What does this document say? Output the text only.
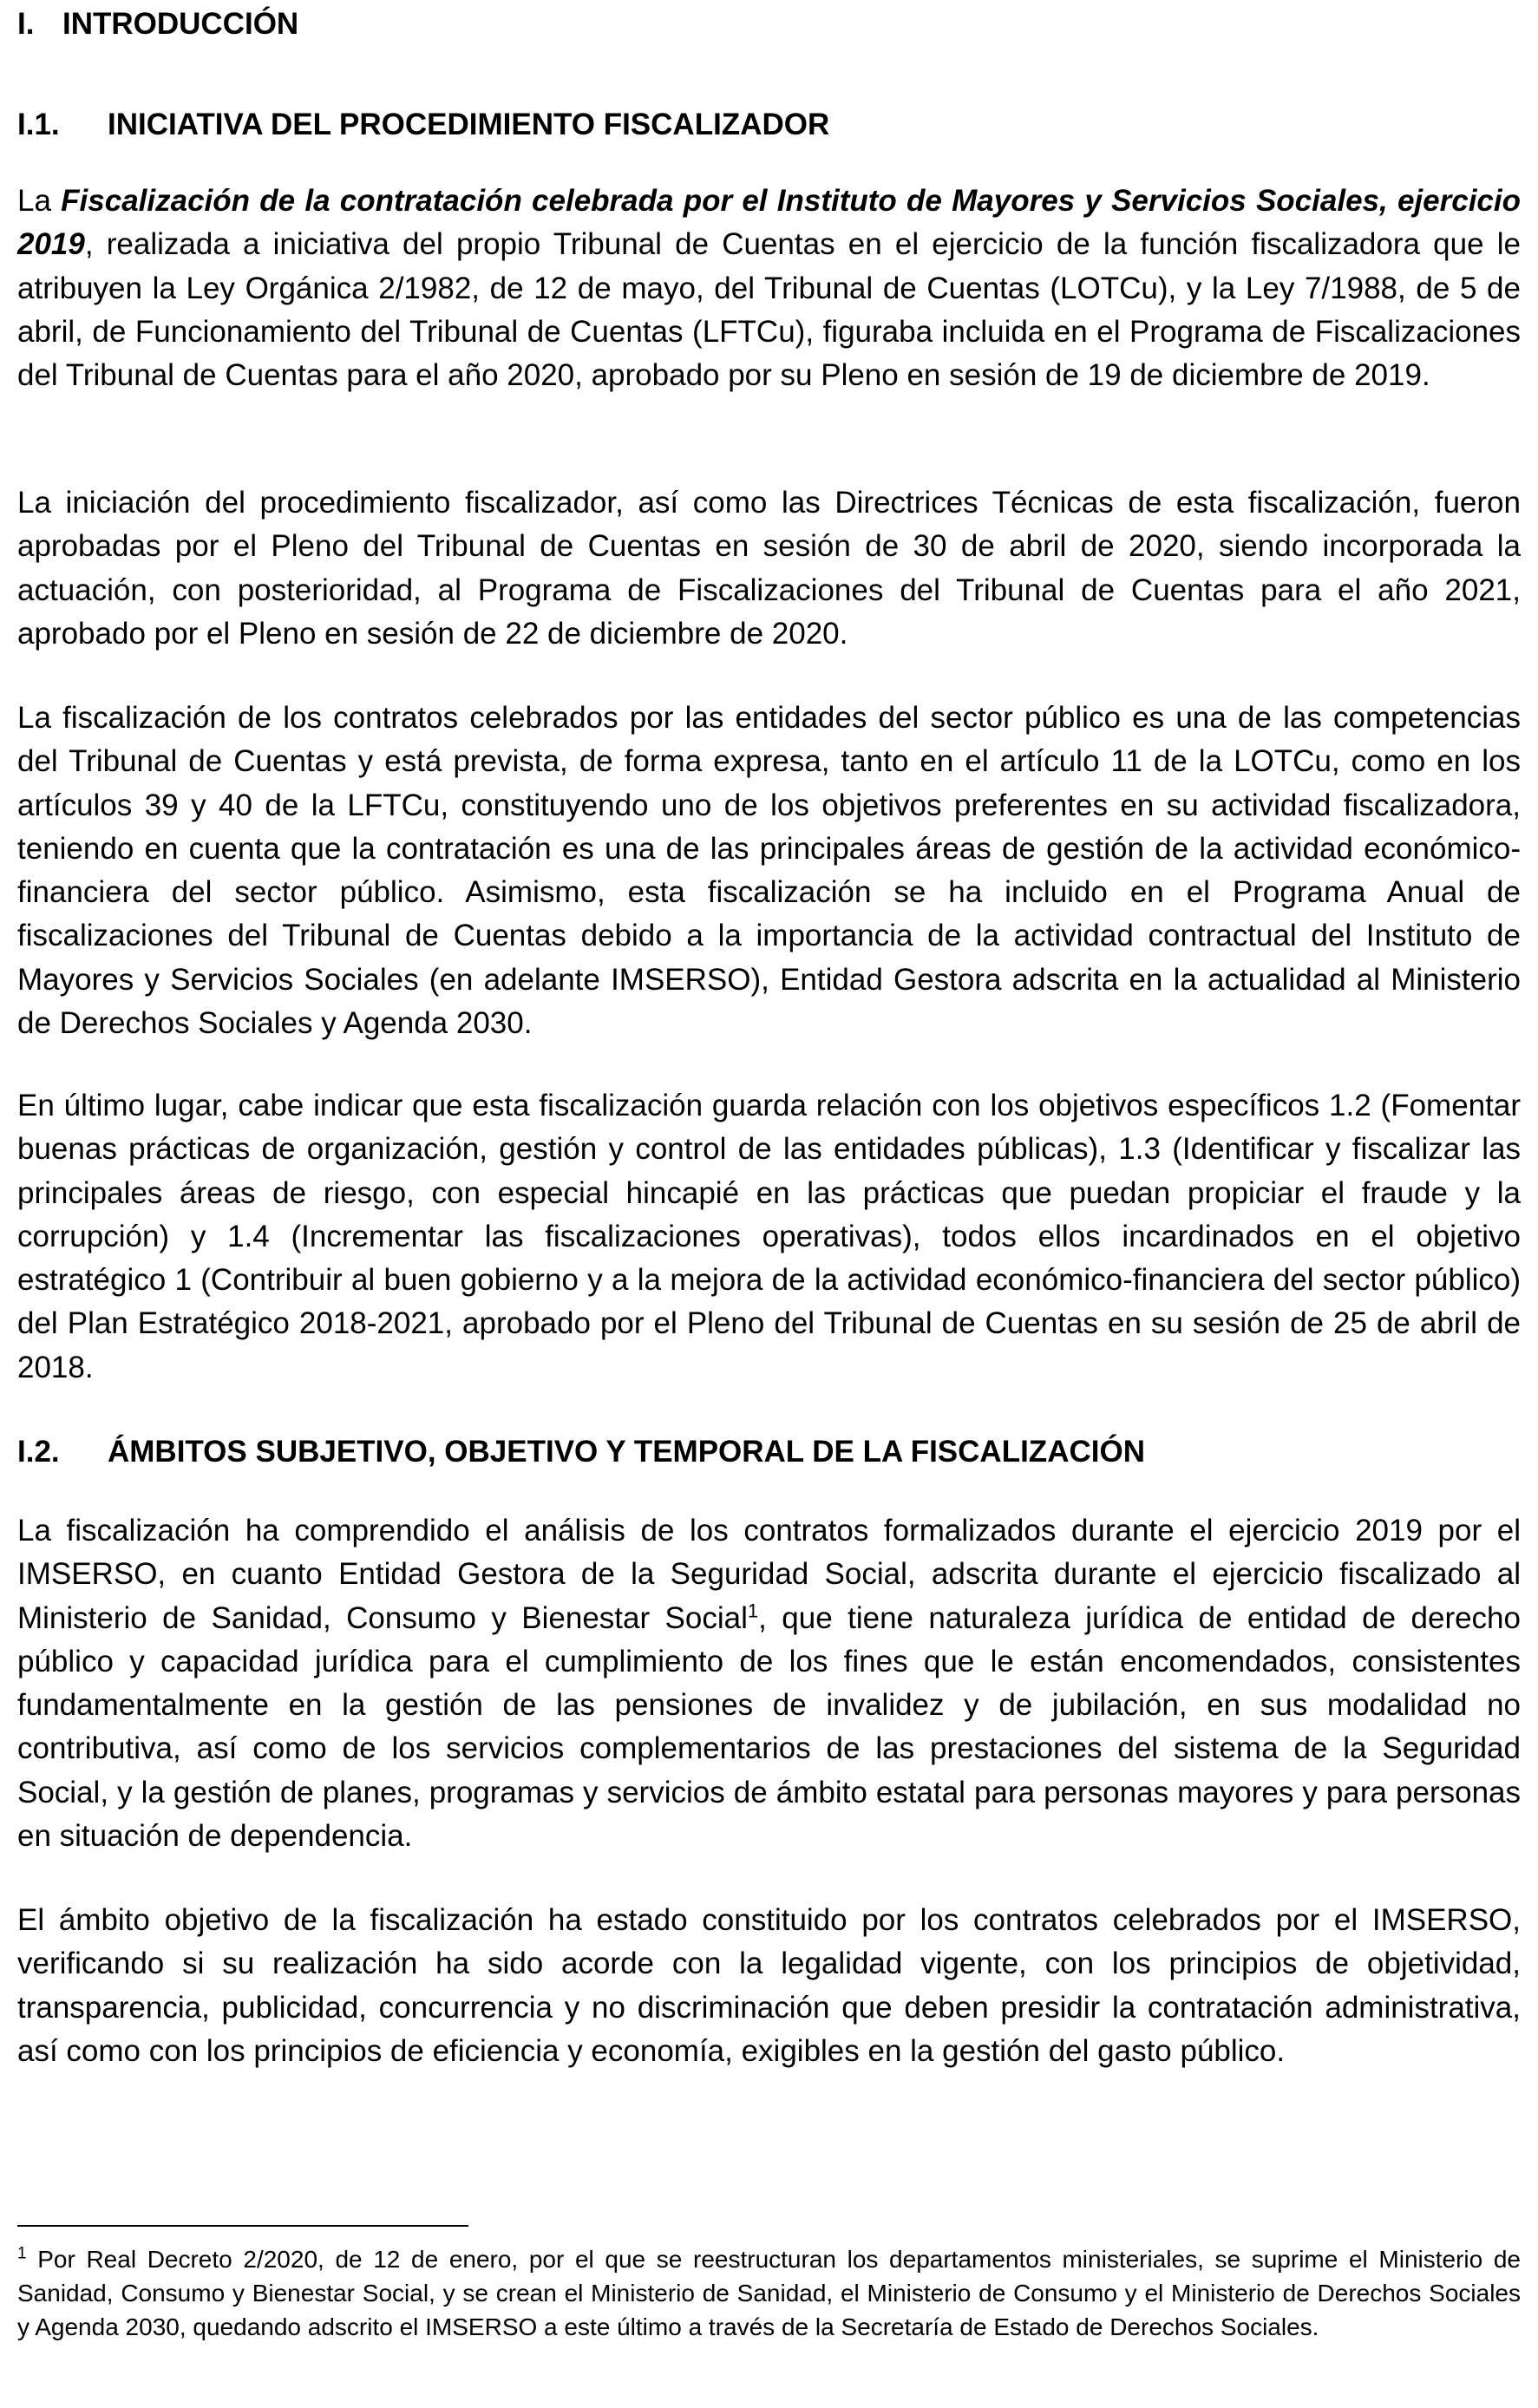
I. INTRODUCCIÓN
I.1. INICIATIVA DEL PROCEDIMIENTO FISCALIZADOR

La Fiscalización de la contratación celebrada por el Instituto de Mayores y Servicios Sociales, ejercicio 2019, realizada a iniciativa del propio Tribunal de Cuentas en el ejercicio de la función fiscalizadora que le atribuyen la Ley Orgánica 2/1982, de 12 de mayo, del Tribunal de Cuentas (LOTCu), y la Ley 7/1988, de 5 de abril, de Funcionamiento del Tribunal de Cuentas (LFTCu), figuraba incluida en el Programa de Fiscalizaciones del Tribunal de Cuentas para el año 2020, aprobado por su Pleno en sesión de 19 de diciembre de 2019.

La iniciación del procedimiento fiscalizador, así como las Directrices Técnicas de esta fiscalización, fueron aprobadas por el Pleno del Tribunal de Cuentas en sesión de 30 de abril de 2020, siendo incorporada la actuación, con posterioridad, al Programa de Fiscalizaciones del Tribunal de Cuentas para el año 2021, aprobado por el Pleno en sesión de 22 de diciembre de 2020.

La fiscalización de los contratos celebrados por las entidades del sector público es una de las competencias del Tribunal de Cuentas y está prevista, de forma expresa, tanto en el artículo 11 de la LOTCu, como en los artículos 39 y 40 de la LFTCu, constituyendo uno de los objetivos preferentes en su actividad fiscalizadora, teniendo en cuenta que la contratación es una de las principales áreas de gestión de la actividad económico-financiera del sector público. Asimismo, esta fiscalización se ha incluido en el Programa Anual de fiscalizaciones del Tribunal de Cuentas debido a la importancia de la actividad contractual del Instituto de Mayores y Servicios Sociales (en adelante IMSERSO), Entidad Gestora adscrita en la actualidad al Ministerio de Derechos Sociales y Agenda 2030.

En último lugar, cabe indicar que esta fiscalización guarda relación con los objetivos específicos 1.2 (Fomentar buenas prácticas de organización, gestión y control de las entidades públicas), 1.3 (Identificar y fiscalizar las principales áreas de riesgo, con especial hincapié en las prácticas que puedan propiciar el fraude y la corrupción) y 1.4 (Incrementar las fiscalizaciones operativas), todos ellos incardinados en el objetivo estratégico 1 (Contribuir al buen gobierno y a la mejora de la actividad económico-financiera del sector público) del Plan Estratégico 2018-2021, aprobado por el Pleno del Tribunal de Cuentas en su sesión de 25 de abril de 2018.

I.2. ÁMBITOS SUBJETIVO, OBJETIVO Y TEMPORAL DE LA FISCALIZACIÓN

La fiscalización ha comprendido el análisis de los contratos formalizados durante el ejercicio 2019 por el IMSERSO, en cuanto Entidad Gestora de la Seguridad Social, adscrita durante el ejercicio fiscalizado al Ministerio de Sanidad, Consumo y Bienestar Social$^1$, que tiene naturaleza jurídica de entidad de derecho público y capacidad jurídica para el cumplimiento de los fines que le están encomendados, consistentes fundamentalmente en la gestión de las pensiones de invalidez y de jubilación, en sus modalidad no contributiva, así como de los servicios complementarios de las prestaciones del sistema de la Seguridad Social, y la gestión de planes, programas y servicios de ámbito estatal para personas mayores y para personas en situación de dependencia.

El ámbito objetivo de la fiscalización ha estado constituido por los contratos celebrados por el IMSERSO, verificando si su realización ha sido acorde con la legalidad vigente, con los principios de objetividad, transparencia, publicidad, concurrencia y no discriminación que deben presidir la contratación administrativa, así como con los principios de eficiencia y economía, exigibles en la gestión del gasto público.

$^1$ Por Real Decreto 2/2020, de 12 de enero, por el que se reestructuran los departamentos ministeriales, se suprime el Ministerio de Sanidad, Consumo y Bienestar Social, y se crean el Ministerio de Sanidad, el Ministerio de Consumo y el Ministerio de Derechos Sociales y Agenda 2030, quedando adscrito el IMSERSO a este último a través de la Secretaría de Estado de Derechos Sociales.
